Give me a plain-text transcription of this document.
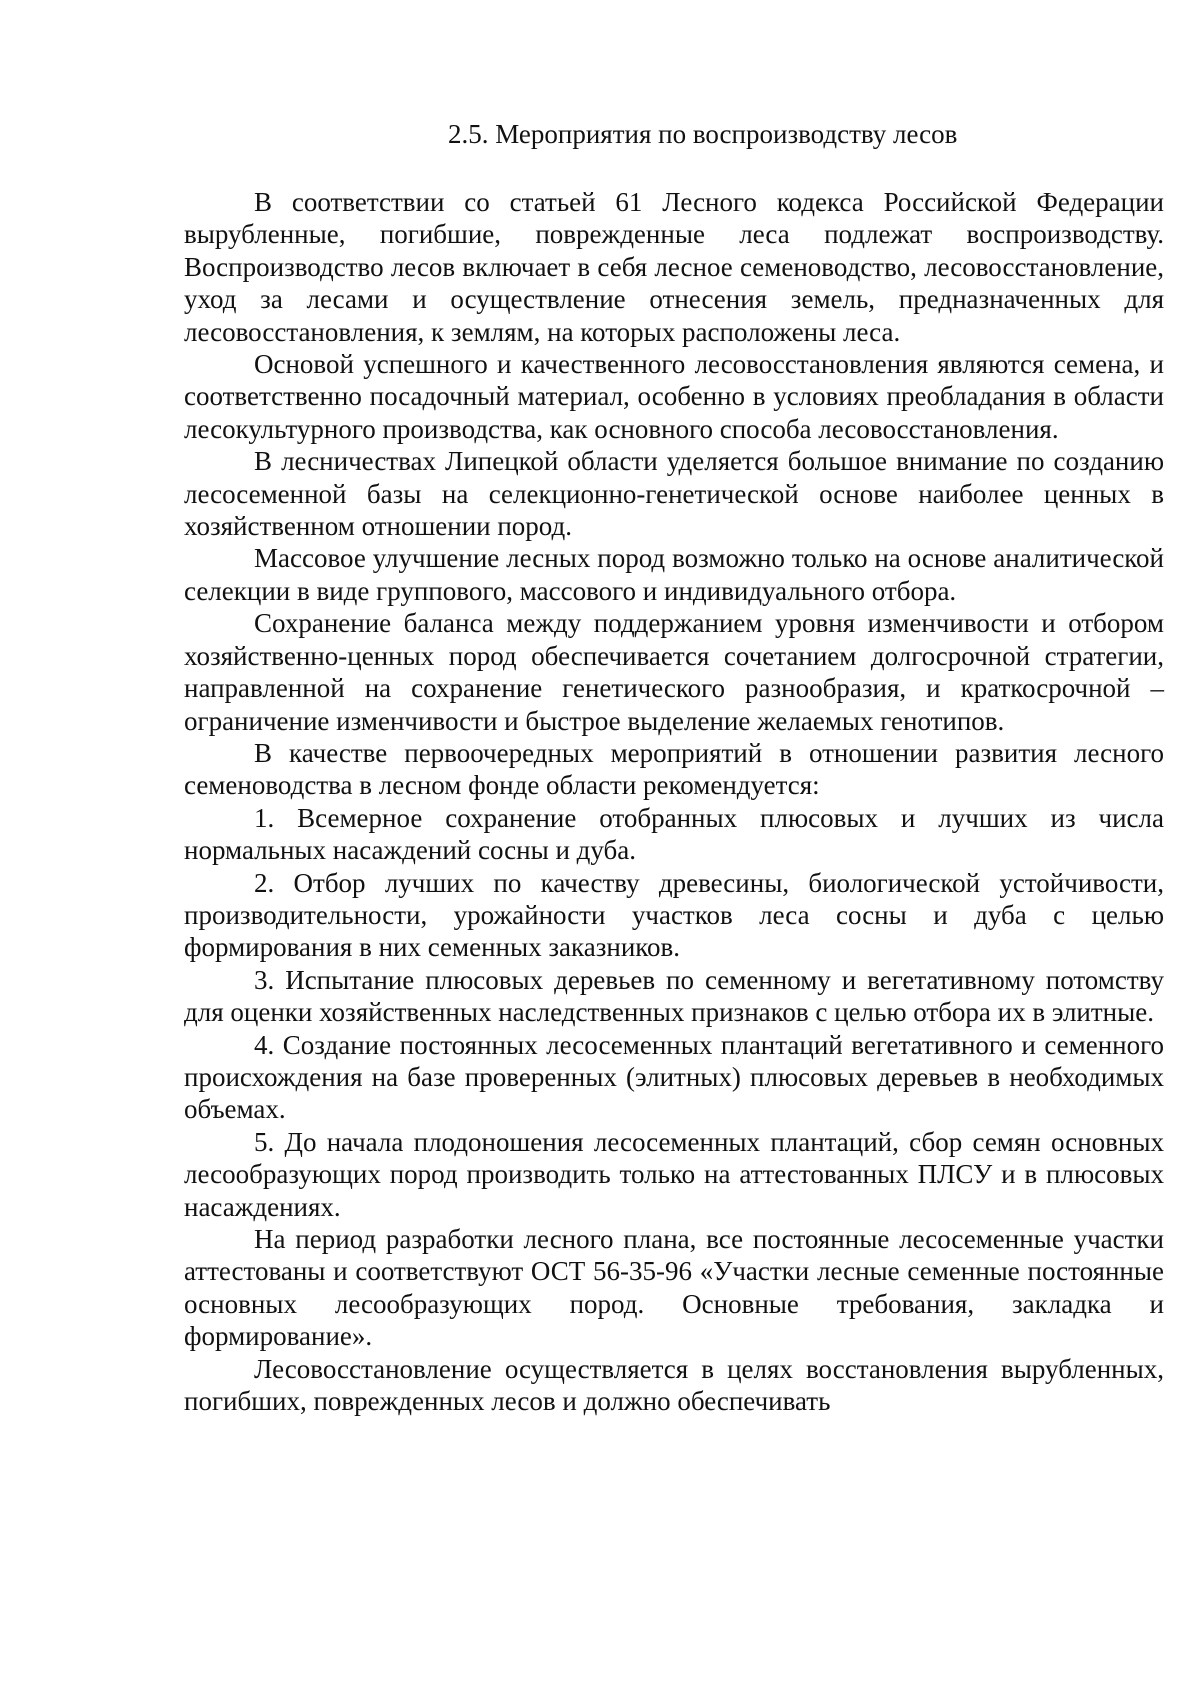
2.5. Мероприятия по воспроизводству лесов

В соответствии со статьей 61 Лесного кодекса Российской Федерации вырубленные, погибшие, поврежденные леса подлежат воспроизводству. Воспроизводство лесов включает в себя лесное семеноводство, лесовосстановление, уход за лесами и осуществление отнесения земель, предназначенных для лесовосстановления, к землям, на которых расположены леса.

Основой успешного и качественного лесовосстановления являются семена, и соответственно посадочный материал, особенно в условиях преобладания в области лесокультурного производства, как основного способа лесовосстановления.

В лесничествах Липецкой области уделяется большое внимание по созданию лесосеменной базы на селекционно-генетической основе наиболее ценных в хозяйственном отношении пород.

Массовое улучшение лесных пород возможно только на основе аналитической селекции в виде группового, массового и индивидуального отбора.

Сохранение баланса между поддержанием уровня изменчивости и отбором хозяйственно-ценных пород обеспечивается сочетанием долгосрочной стратегии, направленной на сохранение генетического разнообразия, и краткосрочной – ограничение изменчивости и быстрое выделение желаемых генотипов.

В качестве первоочередных мероприятий в отношении развития лесного семеноводства в лесном фонде области рекомендуется:

1. Всемерное сохранение отобранных плюсовых и лучших из числа нормальных насаждений сосны и дуба.

2. Отбор лучших по качеству древесины, биологической устойчивости, производительности, урожайности участков леса сосны и дуба с целью формирования в них семенных заказников.

3. Испытание плюсовых деревьев по семенному и вегетативному потомству для оценки хозяйственных наследственных признаков с целью отбора их в элитные.

4. Создание постоянных лесосеменных плантаций вегетативного и семенного происхождения на базе проверенных (элитных) плюсовых деревьев в необходимых объемах.

5. До начала плодоношения лесосеменных плантаций, сбор семян основных лесообразующих пород производить только на аттестованных ПЛСУ и в плюсовых насаждениях.

На период разработки лесного плана, все постоянные лесосеменные участки аттестованы и соответствуют ОСТ 56-35-96 «Участки лесные семенные постоянные основных лесообразующих пород. Основные требования, закладка и формирование».

Лесовосстановление осуществляется в целях восстановления вырубленных, погибших, поврежденных лесов и должно обеспечивать
